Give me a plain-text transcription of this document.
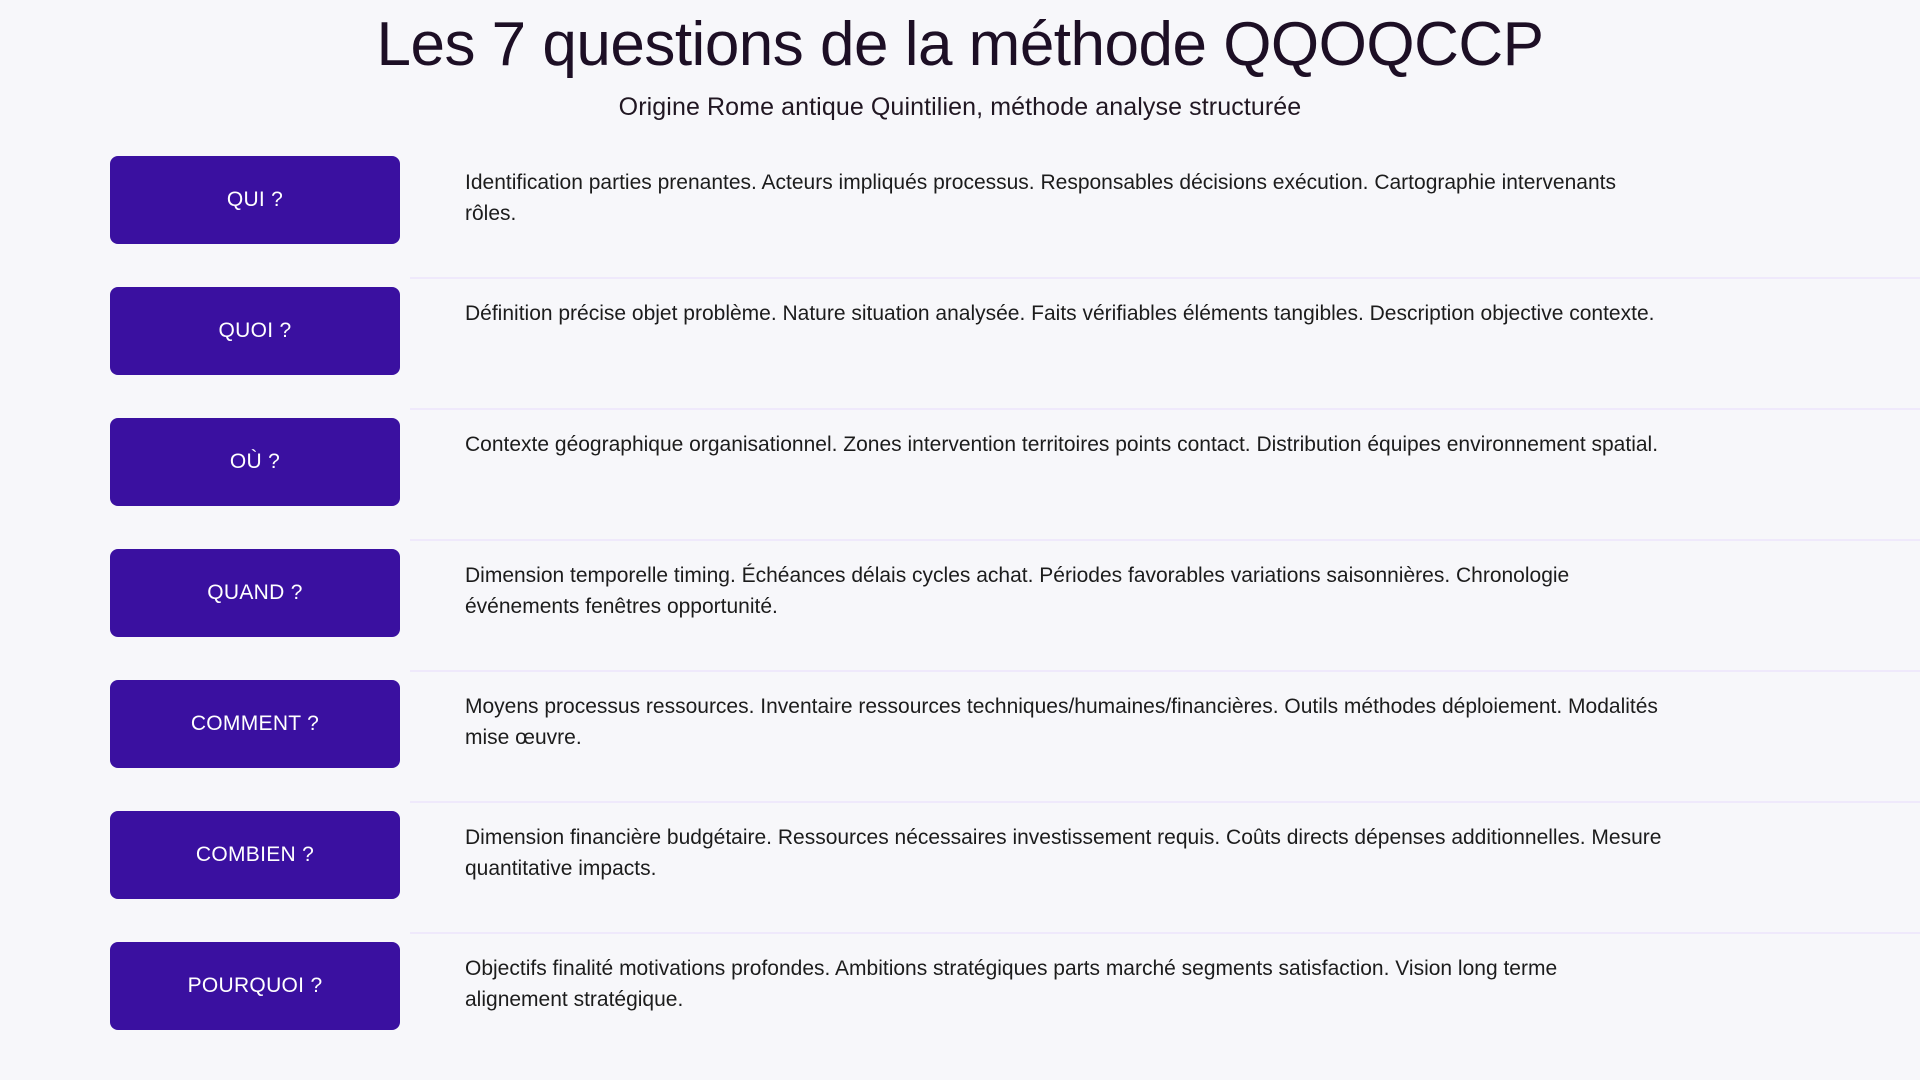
Les 7 questions de la méthode QQOQCCP

Origine Rome antique Quintilien, méthode analyse structurée

QUI ?

Identification parties prenantes. Acteurs impliqués processus. Responsables décisions exécution. Cartographie intervenants rôles.

QUOI ?

Définition précise objet problème. Nature situation analysée. Faits vérifiables éléments tangibles. Description objective contexte.

OÙ ?

Contexte géographique organisationnel. Zones intervention territoires points contact. Distribution équipes environnement spatial.

QUAND ?

Dimension temporelle timing. Échéances délais cycles achat. Périodes favorables variations saisonnières. Chronologie événements fenêtres opportunité.

COMMENT ?

Moyens processus ressources. Inventaire ressources techniques/humaines/financières. Outils méthodes déploiement. Modalités mise œuvre.

COMBIEN ?

Dimension financière budgétaire. Ressources nécessaires investissement requis. Coûts directs dépenses additionnelles. Mesure quantitative impacts.

POURQUOI ?

Objectifs finalité motivations profondes. Ambitions stratégiques parts marché segments satisfaction. Vision long terme alignement stratégique.
